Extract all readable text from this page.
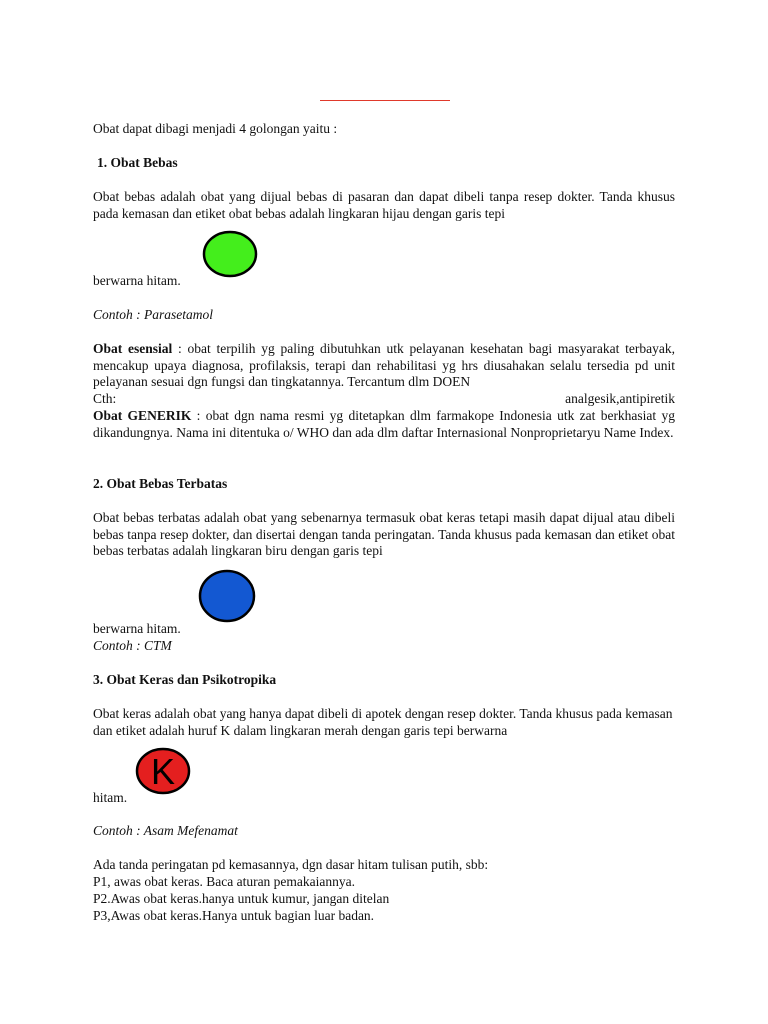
Obat dapat dibagi menjadi 4 golongan yaitu :

1. Obat Bebas

Obat bebas adalah obat yang dijual bebas di pasaran dan dapat dibeli tanpa resep dokter. Tanda khusus pada kemasan dan etiket obat bebas adalah lingkaran hijau dengan garis tepi

berwarna hitam.

Contoh : Parasetamol

Obat esensial : obat terpilih yg paling dibutuhkan utk pelayanan kesehatan bagi masyarakat terbayak, mencakup upaya diagnosa, profilaksis, terapi dan rehabilitasi yg hrs diusahakan selalu tersedia pd unit pelayanan sesuai dgn fungsi dan tingkatannya. Tercantum dlm DOEN
Cth:	analgesik,antipiretik
Obat GENERIK : obat dgn nama resmi yg ditetapkan dlm farmakope Indonesia utk zat berkhasiat yg dikandungnya. Nama ini ditentuka o/ WHO dan ada dlm daftar Internasional Nonproprietaryu Name Index.

2. Obat Bebas Terbatas

Obat bebas terbatas adalah obat yang sebenarnya termasuk obat keras tetapi masih dapat dijual atau dibeli bebas tanpa resep dokter, dan disertai dengan tanda peringatan. Tanda khusus pada kemasan dan etiket obat bebas terbatas adalah lingkaran biru dengan garis tepi

berwarna hitam.

Contoh : CTM

3. Obat Keras dan Psikotropika

Obat keras adalah obat yang hanya dapat dibeli di apotek dengan resep dokter. Tanda khusus pada kemasan dan etiket adalah huruf K dalam lingkaran merah dengan garis tepi berwarna

K

hitam.

Contoh : Asam Mefenamat

Ada tanda peringatan pd kemasannya, dgn dasar hitam tulisan putih, sbb:

P1, awas obat keras. Baca aturan pemakaiannya.

P2.Awas obat keras.hanya untuk kumur, jangan ditelan

P3,Awas obat keras.Hanya untuk bagian luar badan.
